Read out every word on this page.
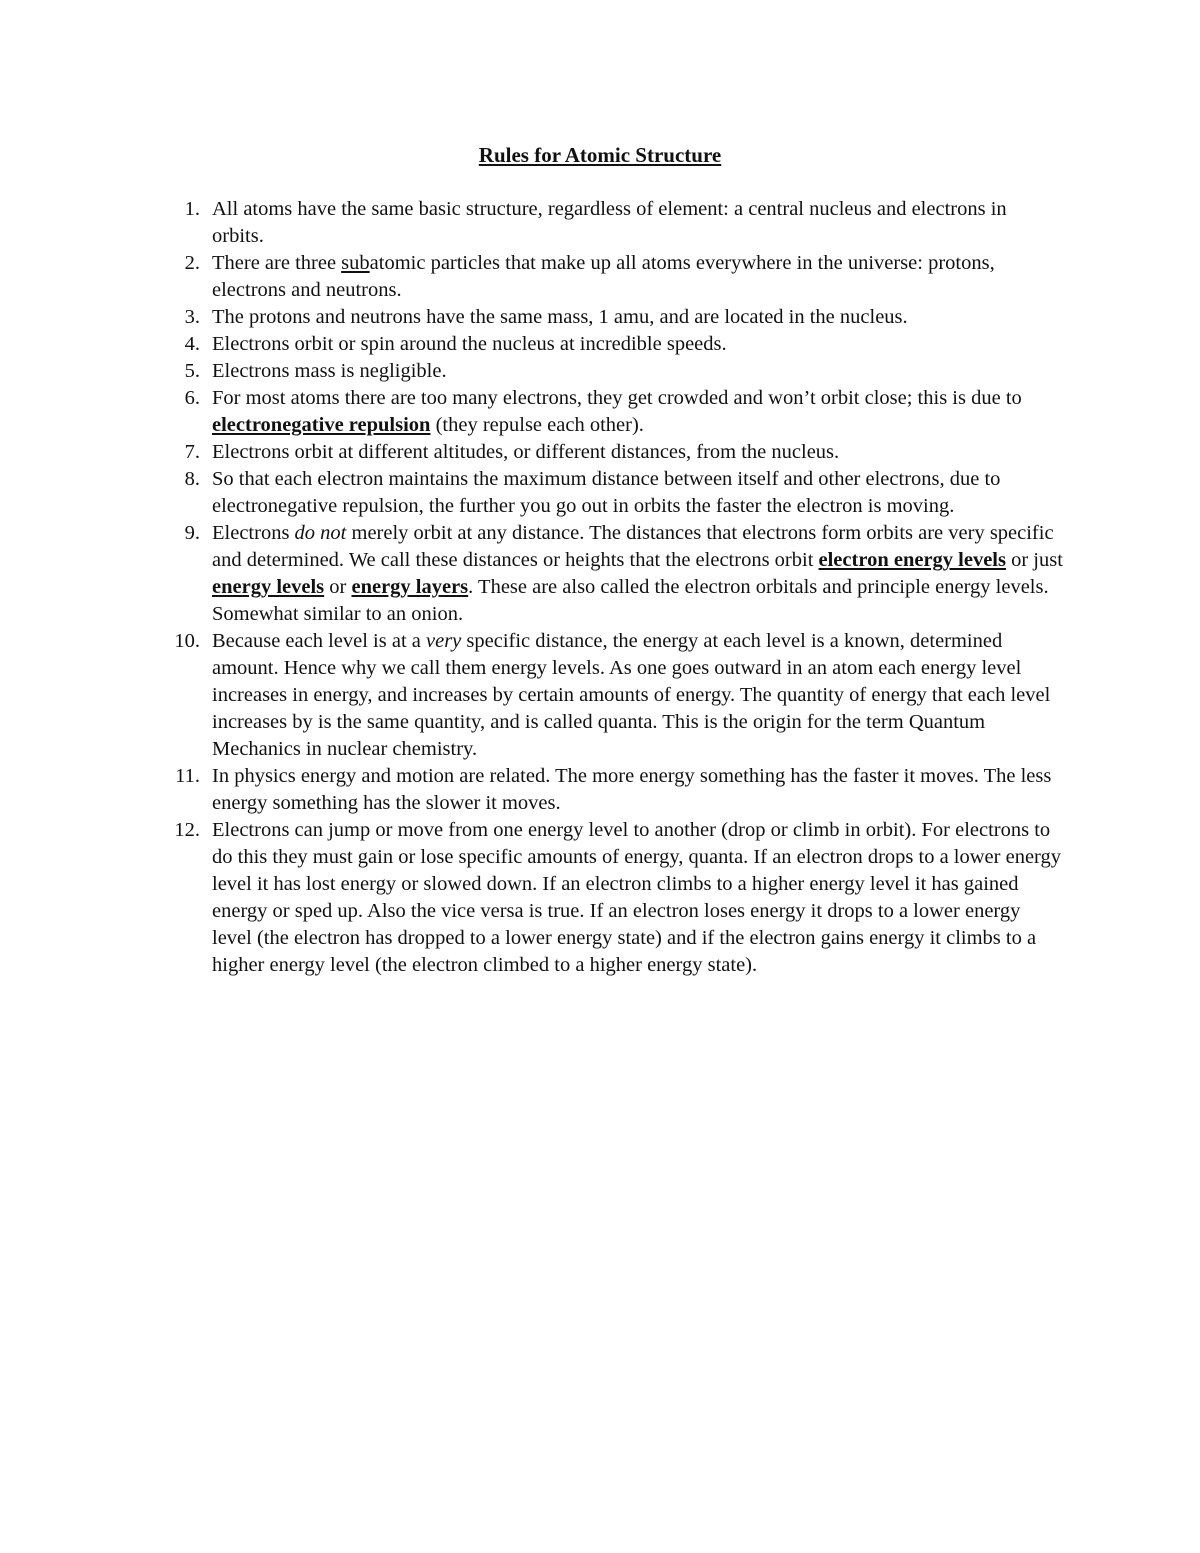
Rules for Atomic Structure
1. All atoms have the same basic structure, regardless of element: a central nucleus and electrons in orbits.
2. There are three subatomic particles that make up all atoms everywhere in the universe: protons, electrons and neutrons.
3. The protons and neutrons have the same mass, 1 amu, and are located in the nucleus.
4. Electrons orbit or spin around the nucleus at incredible speeds.
5. Electrons mass is negligible.
6. For most atoms there are too many electrons, they get crowded and won’t orbit close; this is due to electronegative repulsion (they repulse each other).
7. Electrons orbit at different altitudes, or different distances, from the nucleus.
8. So that each electron maintains the maximum distance between itself and other electrons, due to electronegative repulsion, the further you go out in orbits the faster the electron is moving.
9. Electrons do not merely orbit at any distance. The distances that electrons form orbits are very specific and determined. We call these distances or heights that the electrons orbit electron energy levels or just energy levels or energy layers. These are also called the electron orbitals and principle energy levels. Somewhat similar to an onion.
10. Because each level is at a very specific distance, the energy at each level is a known, determined amount. Hence why we call them energy levels. As one goes outward in an atom each energy level increases in energy, and increases by certain amounts of energy. The quantity of energy that each level increases by is the same quantity, and is called quanta. This is the origin for the term Quantum Mechanics in nuclear chemistry.
11. In physics energy and motion are related. The more energy something has the faster it moves. The less energy something has the slower it moves.
12. Electrons can jump or move from one energy level to another (drop or climb in orbit). For electrons to do this they must gain or lose specific amounts of energy, quanta. If an electron drops to a lower energy level it has lost energy or slowed down. If an electron climbs to a higher energy level it has gained energy or sped up. Also the vice versa is true. If an electron loses energy it drops to a lower energy level (the electron has dropped to a lower energy state) and if the electron gains energy it climbs to a higher energy level (the electron climbed to a higher energy state).
